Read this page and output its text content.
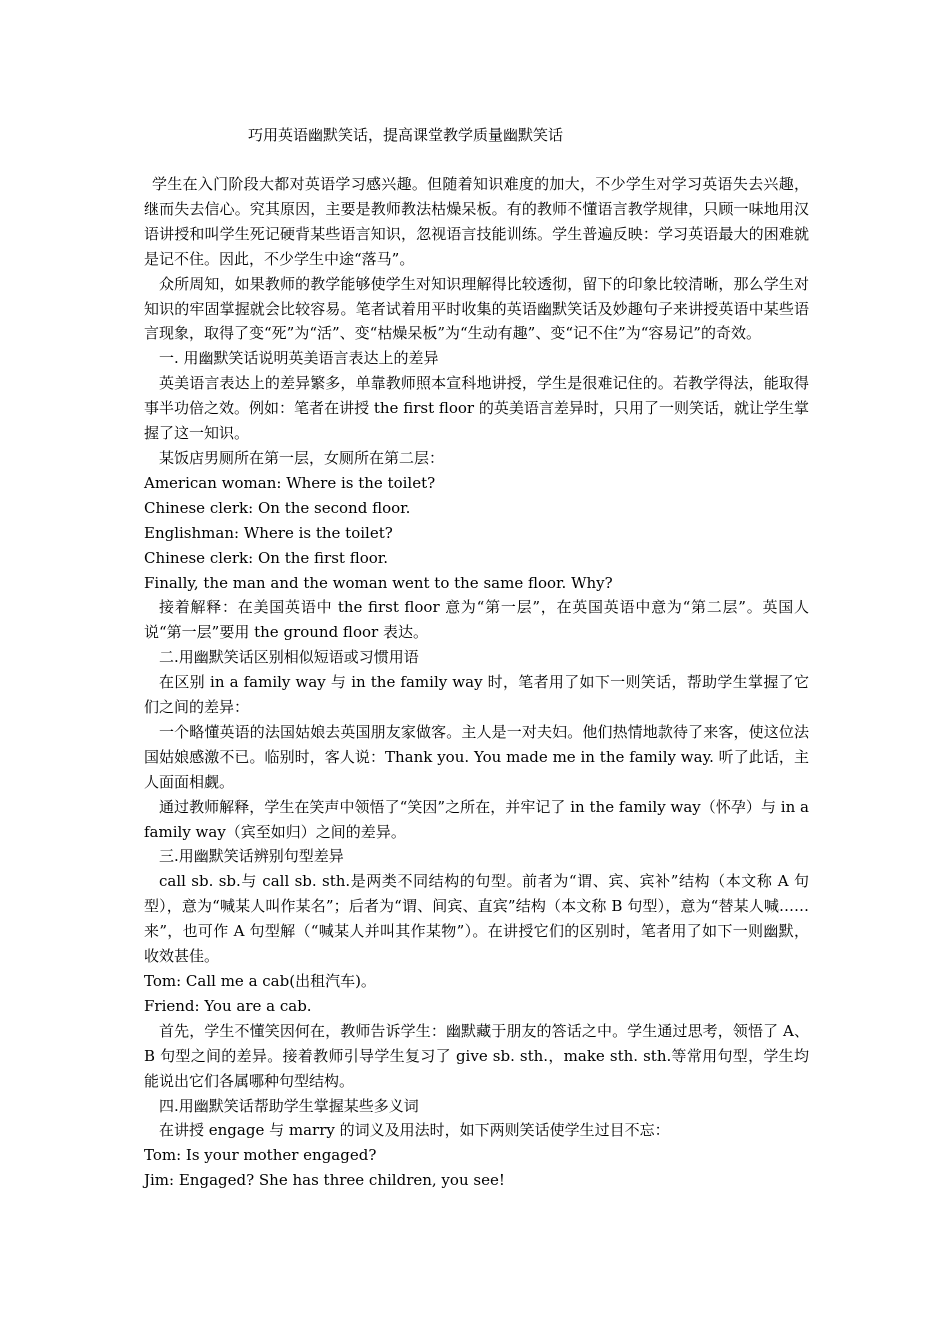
巧用英语幽默笑话，提高课堂教学质量幽默笑话

学生在入门阶段大都对英语学习感兴趣。但随着知识难度的加大，不少学生对学习英语失去兴趣，继而失去信心。究其原因，主要是教师教法枯燥呆板。有的教师不懂语言教学规律，只顾一味地用汉语讲授和叫学生死记硬背某些语言知识，忽视语言技能训练。学生普遍反映：学习英语最大的困难就是记不住。因此，不少学生中途“落马”。

众所周知，如果教师的教学能够使学生对知识理解得比较透彻，留下的印象比较清晰，那么学生对知识的牢固掌握就会比较容易。笔者试着用平时收集的英语幽默笑话及妙趣句子来讲授英语中某些语言现象，取得了变“死”为“活”、变“枯燥呆板”为“生动有趣”、变“记不住”为“容易记”的奇效。

一. 用幽默笑话说明英美语言表达上的差异

英美语言表达上的差异繁多，单靠教师照本宣科地讲授，学生是很难记住的。若教学得法，能取得事半功倍之效。例如：笔者在讲授 the first floor 的英美语言差异时，只用了一则笑话，就让学生掌握了这一知识。

某饭店男厕所在第一层，女厕所在第二层：

American woman: Where is the toilet?

Chinese clerk: On the second floor.

Englishman: Where is the toilet?

Chinese clerk: On the first floor.

Finally, the man and the woman went to the same floor. Why?

接着解释：在美国英语中 the first floor 意为“第一层”，在英国英语中意为“第二层”。英国人说“第一层”要用 the ground floor 表达。

二.用幽默笑话区别相似短语或习惯用语

在区别 in a family way 与 in the family way 时，笔者用了如下一则笑话，帮助学生掌握了它们之间的差异：

一个略懂英语的法国姑娘去英国朋友家做客。主人是一对夫妇。他们热情地款待了来客，使这位法国姑娘感激不已。临别时，客人说：Thank you. You made me in the family way. 听了此话，主人面面相觑。

通过教师解释，学生在笑声中领悟了“笑因”之所在，并牢记了 in the family way（怀孕）与 in a family way（宾至如归）之间的差异。

三.用幽默笑话辨别句型差异

call sb. sb.与 call sb. sth.是两类不同结构的句型。前者为“谓、宾、宾补”结构（本文称 A 句型），意为“喊某人叫作某名”；后者为“谓、间宾、直宾”结构（本文称 B 句型），意为“替某人喊……来”，也可作 A 句型解（“喊某人并叫其作某物”）。在讲授它们的区别时，笔者用了如下一则幽默，收效甚佳。

Tom: Call me a cab(出租汽车)。

Friend: You are a cab.

首先，学生不懂笑因何在，教师告诉学生：幽默藏于朋友的答话之中。学生通过思考，领悟了 A、B 句型之间的差异。接着教师引导学生复习了 give sb. sth.，make sth. sth.等常用句型，学生均能说出它们各属哪种句型结构。

四.用幽默笑话帮助学生掌握某些多义词

在讲授 engage 与 marry 的词义及用法时，如下两则笑话使学生过目不忘：

Tom: Is your mother engaged?

Jim: Engaged? She has three children, you see!
